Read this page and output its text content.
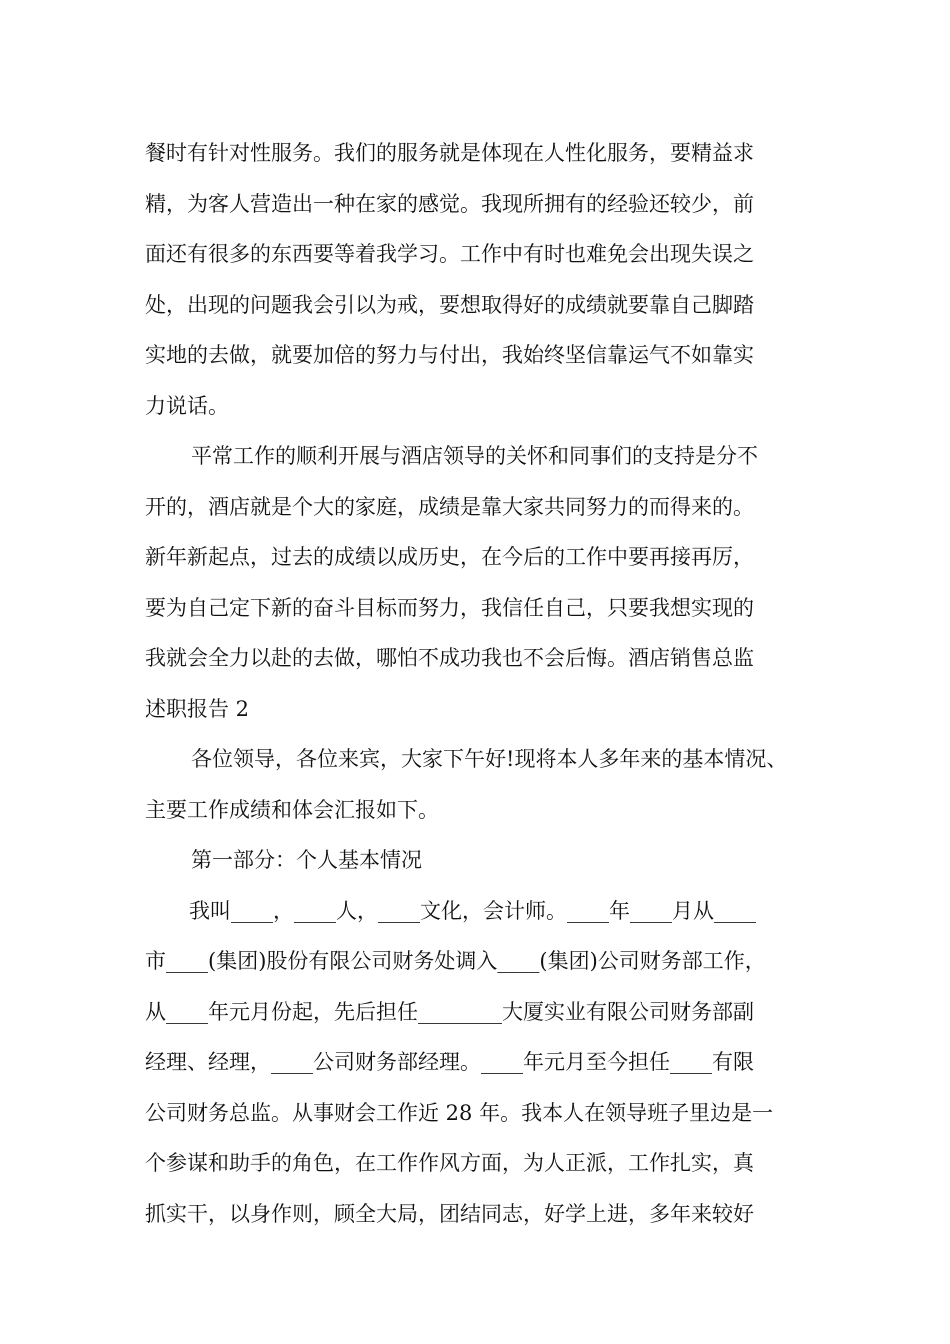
餐时有针对性服务。我们的服务就是体现在人性化服务，要精益求
精，为客人营造出一种在家的感觉。我现所拥有的经验还较少，前
面还有很多的东西要等着我学习。工作中有时也难免会出现失误之
处，出现的问题我会引以为戒，要想取得好的成绩就要靠自己脚踏
实地的去做，就要加倍的努力与付出，我始终坚信靠运气不如靠实
力说话。
平常工作的顺利开展与酒店领导的关怀和同事们的支持是分不
开的，酒店就是个大的家庭，成绩是靠大家共同努力的而得来的。
新年新起点，过去的成绩以成历史，在今后的工作中要再接再厉，
要为自己定下新的奋斗目标而努力，我信任自己，只要我想实现的
我就会全力以赴的去做，哪怕不成功我也不会后悔。酒店销售总监
述职报告 2
各位领导，各位来宾，大家下午好!现将本人多年来的基本情况、
主要工作成绩和体会汇报如下。
第一部分：个人基本情况
我叫____，____人，____文化，会计师。____年____月从____
市____(集团)股份有限公司财务处调入____(集团)公司财务部工作，
从____年元月份起，先后担任________大厦实业有限公司财务部副
经理、经理，____公司财务部经理。____年元月至今担任____有限
公司财务总监。从事财会工作近 28 年。我本人在领导班子里边是一
个参谋和助手的角色，在工作作风方面，为人正派，工作扎实，真
抓实干，以身作则，顾全大局，团结同志，好学上进，多年来较好
